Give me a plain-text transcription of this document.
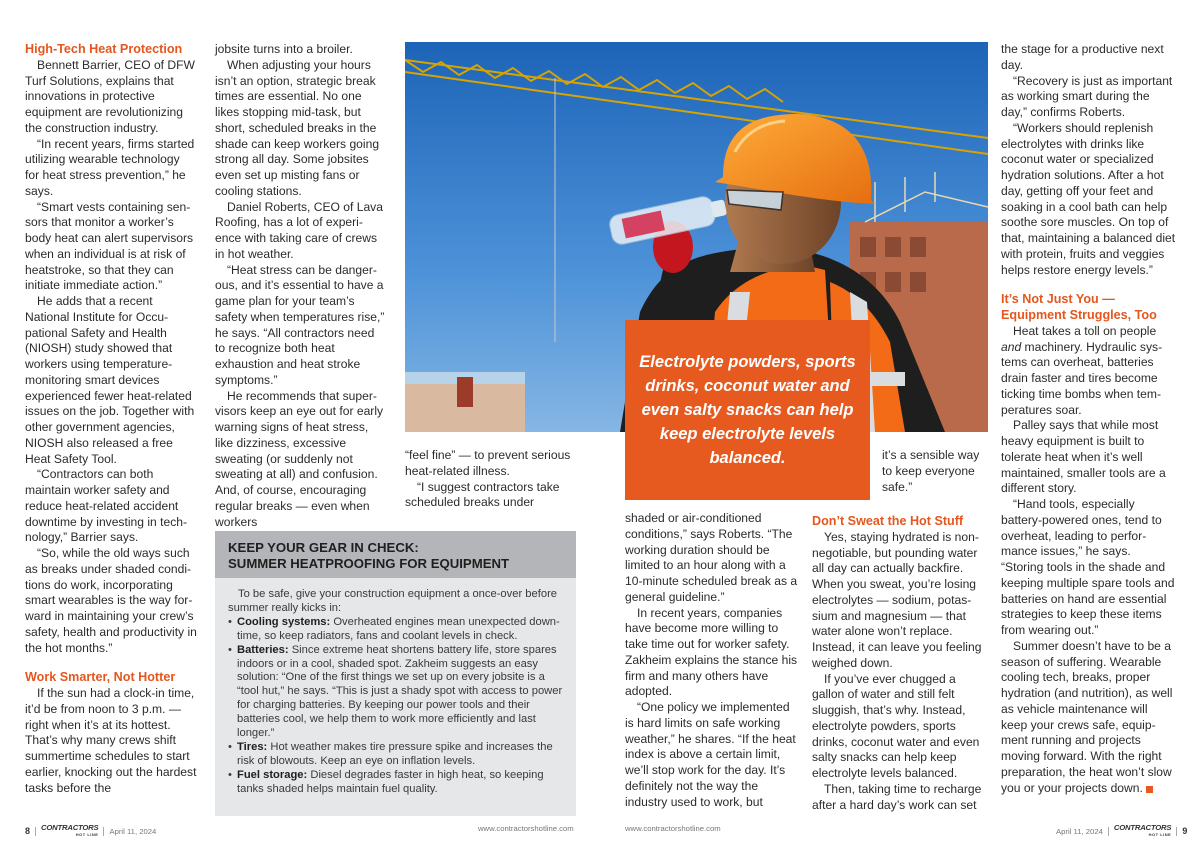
High-Tech Heat Protection

Bennett Barrier, CEO of DFW Turf Solutions, explains that innovations in protective equipment are revolutionizing the construction industry.

“In recent years, firms started utilizing wearable technology for heat stress prevention,” he says.

“Smart vests containing sensors that monitor a worker’s body heat can alert supervisors when an individual is at risk of heatstroke, so that they can initiate immediate action.”

He adds that a recent National Institute for Occupational Safety and Health (NIOSH) study showed that workers using temperature-monitoring smart devices experienced fewer heat-related issues on the job. Together with other government agencies, NIOSH also released a free Heat Safety Tool.

“Contractors can both maintain worker safety and reduce heat-related accident downtime by investing in technology,” Barrier says.

“So, while the old ways such as breaks under shaded conditions do work, incorporating smart wearables is the way forward in maintaining your crew’s safety, health and productivity in the hot months.”

Work Smarter, Not Hotter

If the sun had a clock-in time, it’d be from noon to 3 p.m. — right when it’s at its hottest. That’s why many crews shift summertime schedules to start earlier, knocking out the hardest tasks before the

jobsite turns into a broiler.

When adjusting your hours isn’t an option, strategic break times are essential. No one likes stopping mid-task, but short, scheduled breaks in the shade can keep workers going strong all day. Some jobsites even set up misting fans or cooling stations.

Daniel Roberts, CEO of Lava Roofing, has a lot of experience with taking care of crews in hot weather.

“Heat stress can be dangerous, and it’s essential to have a game plan for your team’s safety when temperatures rise,” he says. “All contractors need to recognize both heat exhaustion and heat stroke symptoms.”

He recommends that supervisors keep an eye out for early warning signs of heat stress, like dizziness, excessive sweating (or suddenly not sweating at all) and confusion. And, of course, encouraging regular breaks — even when workers

“feel fine” — to prevent serious heat-related illness.

“I suggest contractors take scheduled breaks under

KEEP YOUR GEAR IN CHECK:
SUMMER HEATPROOFING FOR EQUIPMENT

To be safe, give your construction equipment a once-over before summer really kicks in:

• Cooling systems: Overheated engines mean unexpected downtime, so keep radiators, fans and coolant levels in check.
• Batteries: Since extreme heat shortens battery life, store spares indoors or in a cool, shaded spot. Zakheim suggests an easy solution: “One of the first things we set up on every jobsite is a “tool hut,” he says. “This is just a shady spot with access to power for charging batteries. By keeping our power tools and their batteries cool, we help them to work more efficiently and last longer.”
• Tires: Hot weather makes tire pressure spike and increases the risk of blowouts. Keep an eye on inflation levels.
• Fuel storage: Diesel degrades faster in high heat, so keeping tanks shaded helps maintain fuel quality.
8 CONTRACTORS
HOT LINE April 11, 2024	www.contractorshotline.com
Electrolyte powders, sports drinks, coconut water and even salty snacks can help keep electrolyte levels balanced.

shaded or air-conditioned conditions,” says Roberts. “The working duration should be limited to an hour along with a 10-minute scheduled break as a general guideline.”

In recent years, companies have become more willing to take time out for worker safety. Zakheim explains the stance his firm and many others have adopted.

“One policy we implemented is hard limits on safe working weather,” he shares. “If the heat index is above a certain limit, we’ll stop work for the day. It’s definitely not the way the industry used to work, but

it’s a sensible way to keep everyone safe.”

Don’t Sweat the Hot Stuff

Yes, staying hydrated is non-negotiable, but pounding water all day can actually backfire. When you sweat, you’re losing electrolytes — sodium, potassium and magnesium — that water alone won’t replace. Instead, it can leave you feeling weighed down.

If you’ve ever chugged a gallon of water and still felt sluggish, that’s why. Instead, electrolyte powders, sports drinks, coconut water and even salty snacks can help keep electrolyte levels balanced.

Then, taking time to recharge after a hard day’s work can set

the stage for a productive next day.

“Recovery is just as important as working smart during the day,” confirms Roberts.

“Workers should replenish electrolytes with drinks like coconut water or specialized hydration solutions. After a hot day, getting off your feet and soaking in a cool bath can help soothe sore muscles. On top of that, maintaining a balanced diet with protein, fruits and veggies helps restore energy levels.”

It’s Not Just You — Equipment Struggles, Too

Heat takes a toll on people and machinery. Hydraulic systems can overheat, batteries drain faster and tires become ticking time bombs when temperatures soar.

Palley says that while most heavy equipment is built to tolerate heat when it’s well maintained, smaller tools are a different story.

“Hand tools, especially battery-powered ones, tend to overheat, leading to performance issues,” he says. “Storing tools in the shade and keeping multiple spare tools and batteries on hand are essential strategies to keep these items from wearing out.”

Summer doesn’t have to be a season of suffering. Wearable cooling tech, breaks, proper hydration (and nutrition), as well as vehicle maintenance will keep your crews safe, equipment running and projects moving forward. With the right preparation, the heat won’t slow you or your projects down.

www.contractorshotline.com	April 11, 2024 CONTRACTORS
HOT LINE 9
